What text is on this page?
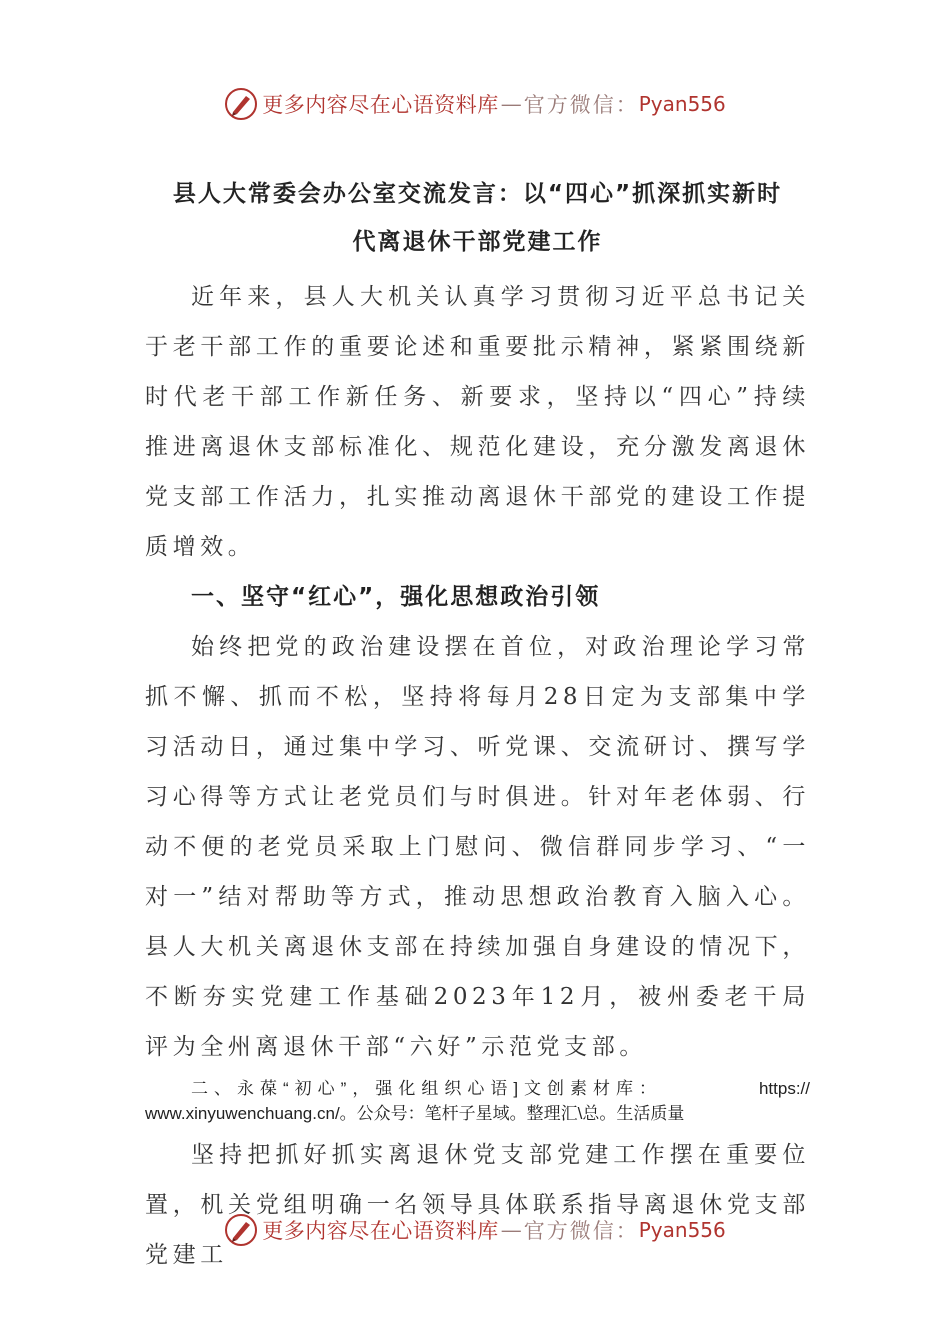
更多内容尽在心语资料库 — 官方微信： Pyan556
县人大常委会办公室交流发言：以“四心”抓深抓实新时
代离退休干部党建工作

近年来，县人大机关认真学习贯彻习近平总书记关于老干部工作的重要论述和重要批示精神，紧紧围绕新时代老干部工作新任务、新要求，坚持以“四心”持续推进离退休支部标准化、规范化建设，充分激发离退休党支部工作活力，扎实推动离退休干部党的建设工作提质增效。

一、坚守“红心”，强化思想政治引领

始终把党的政治建设摆在首位，对政治理论学习常抓不懈、抓而不松，坚持将每月28日定为支部集中学习活动日，通过集中学习、听党课、交流研讨、撰写学习心得等方式让老党员们与时俱进。针对年老体弱、行动不便的老党员采取上门慰问、微信群同步学习、“一对一”结对帮助等方式，推动思想政治教育入脑入心。县人大机关离退休支部在持续加强自身建设的情况下，不断夯实党建工作基础2023年12月，被州委老干局评为全州离退休干部“六好”示范党支部。

二、永葆“初心”，强化组织心语]文创素材库：	https://
www.xinyuwenchuang.cn/。公众号：笔杆子星域。整理汇\总。生活质量

坚持把抓好抓实离退休党支部党建工作摆在重要位置，机关党组明确一名领导具体联系指导离退休党支部党建工

更多内容尽在心语资料库 — 官方微信： Pyan556
